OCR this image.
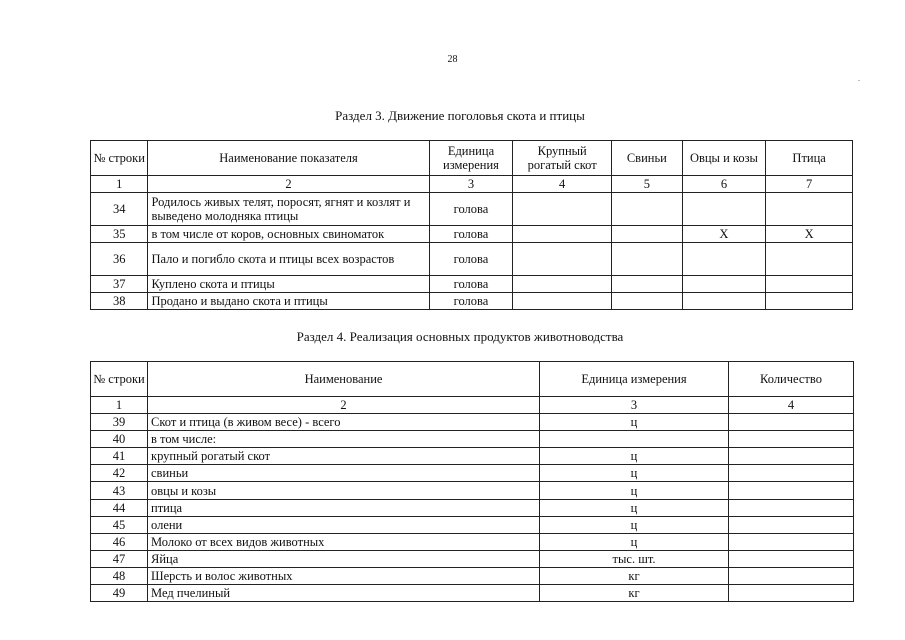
28
Раздел 3. Движение поголовья скота и птицы
№ строки	Наименование показателя	Единица измерения	Крупный рогатый скот	Свиньи	Овцы и козы	Птица
1	2	3	4	5	6	7
34	Родилось живых телят, поросят, ягнят и козлят и выведено молодняка птицы	голова				
35	в том числе от коров, основных свиноматок	голова			Х	Х
36	Пало и погибло скота и птицы всех возрастов	голова				
37	Куплено скота и птицы	голова				
38	Продано и выдано скота и птицы	голова				
Раздел 4. Реализация основных продуктов животноводства
№ строки	Наименование	Единица измерения	Количество
1	2	3	4
39	Скот и птица (в живом весе) - всего	ц	
40	в том числе:		
41	крупный рогатый скот	ц	
42	свиньи	ц	
43	овцы и козы	ц	
44	птица	ц	
45	олени	ц	
46	Молоко от всех видов животных	ц	
47	Яйца	тыс. шт.	
48	Шерсть и волос животных	кг	
49	Мед пчелиный	кг	
